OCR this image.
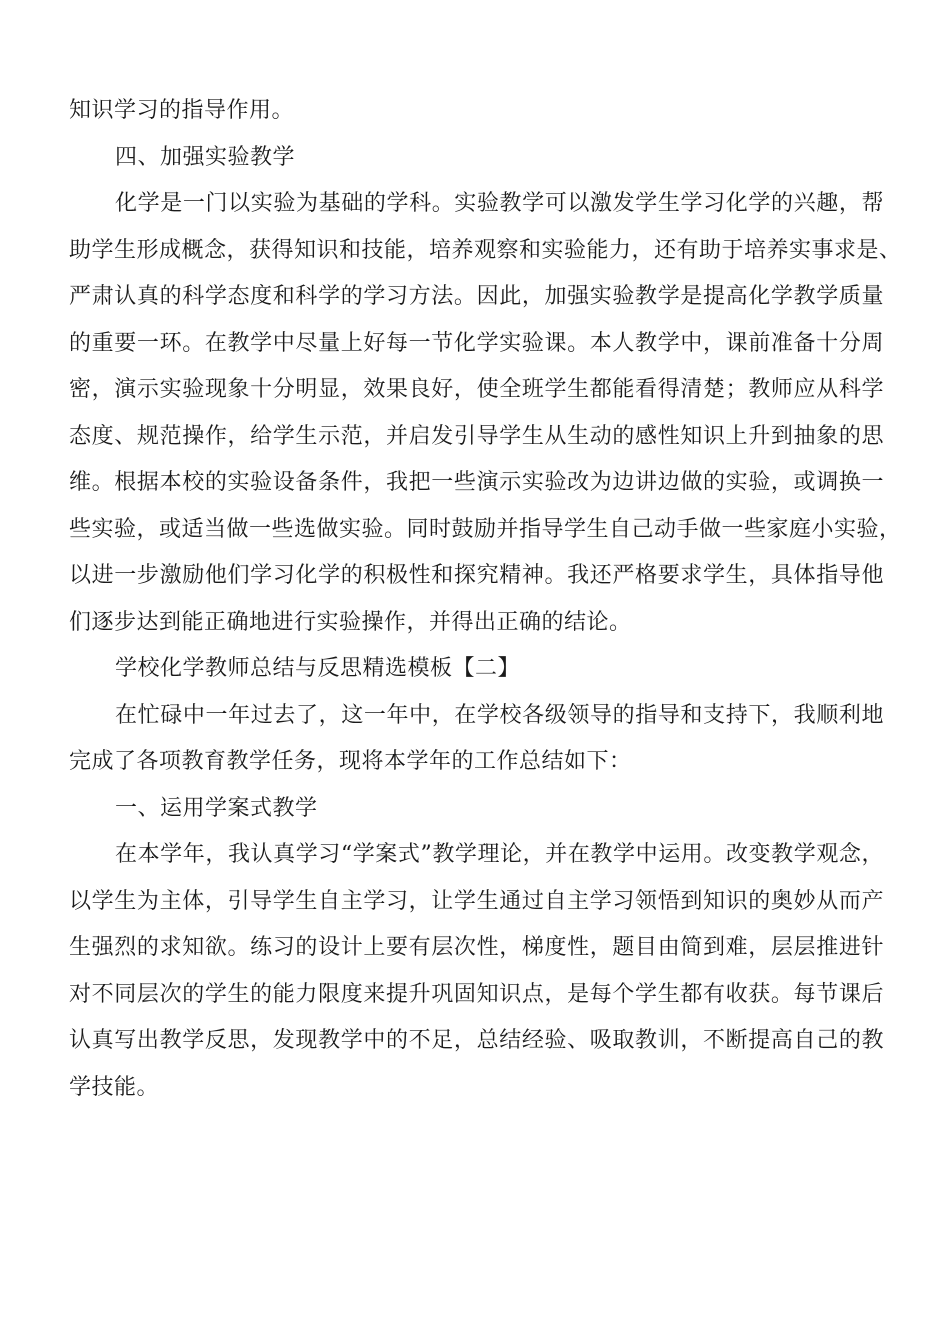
知识学习的指导作用。

四、加强实验教学

化学是一门以实验为基础的学科。实验教学可以激发学生学习化学的兴趣，帮
助学生形成概念，获得知识和技能，培养观察和实验能力，还有助于培养实事求是、
严肃认真的科学态度和科学的学习方法。因此，加强实验教学是提高化学教学质量
的重要一环。在教学中尽量上好每一节化学实验课。本人教学中，课前准备十分周
密，演示实验现象十分明显，效果良好，使全班学生都能看得清楚；教师应从科学
态度、规范操作，给学生示范，并启发引导学生从生动的感性知识上升到抽象的思
维。根据本校的实验设备条件，我把一些演示实验改为边讲边做的实验，或调换一
些实验，或适当做一些选做实验。同时鼓励并指导学生自己动手做一些家庭小实验，
以进一步激励他们学习化学的积极性和探究精神。我还严格要求学生，具体指导他
们逐步达到能正确地进行实验操作，并得出正确的结论。

学校化学教师总结与反思精选模板【二】

在忙碌中一年过去了，这一年中，在学校各级领导的指导和支持下，我顺利地
完成了各项教育教学任务，现将本学年的工作总结如下：

一、运用学案式教学

在本学年，我认真学习“学案式”教学理论，并在教学中运用。改变教学观念，
以学生为主体，引导学生自主学习，让学生通过自主学习领悟到知识的奥妙从而产
生强烈的求知欲。练习的设计上要有层次性，梯度性，题目由简到难，层层推进针
对不同层次的学生的能力限度来提升巩固知识点，是每个学生都有收获。每节课后
认真写出教学反思，发现教学中的不足，总结经验、吸取教训，不断提高自己的教
学技能。
